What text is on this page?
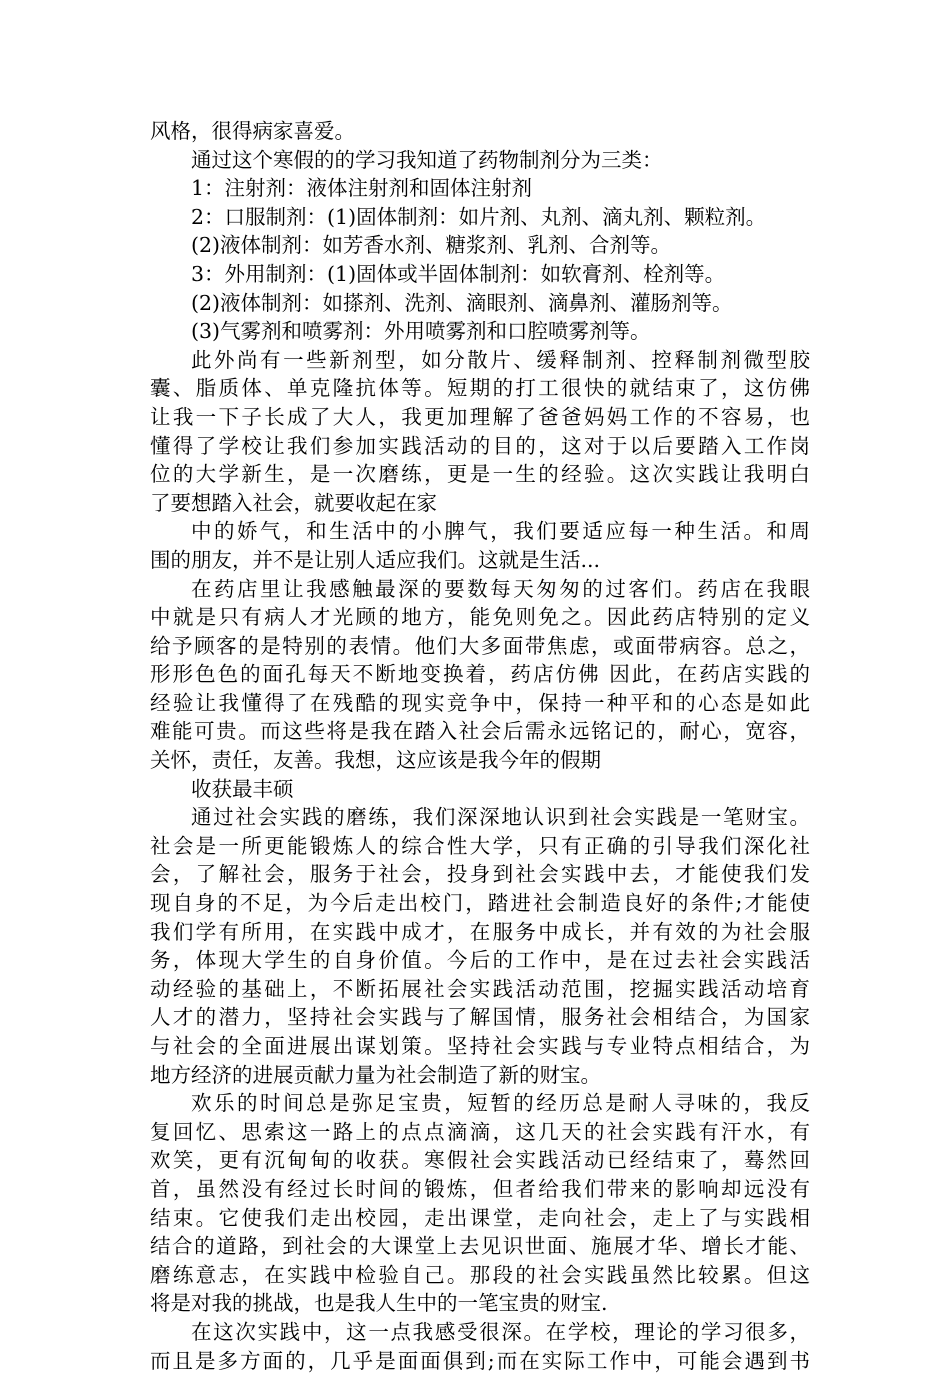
风格，很得病家喜爱。
通过这个寒假的的学习我知道了药物制剂分为三类：
1：注射剂：液体注射剂和固体注射剂
2：口服制剂：(1)固体制剂：如片剂、丸剂、滴丸剂、颗粒剂。
(2)液体制剂：如芳香水剂、糖浆剂、乳剂、合剂等。
3：外用制剂：(1)固体或半固体制剂：如软膏剂、栓剂等。
(2)液体制剂：如搽剂、洗剂、滴眼剂、滴鼻剂、灌肠剂等。
(3)气雾剂和喷雾剂：外用喷雾剂和口腔喷雾剂等。
此外尚有一些新剂型，如分散片、缓释制剂、控释制剂微型胶
囊、脂质体、单克隆抗体等。短期的打工很快的就结束了，这仿佛
让我一下子长成了大人，我更加理解了爸爸妈妈工作的不容易，也
懂得了学校让我们参加实践活动的目的，这对于以后要踏入工作岗
位的大学新生，是一次磨练，更是一生的经验。这次实践让我明白
了要想踏入社会，就要收起在家
中的娇气，和生活中的小脾气，我们要适应每一种生活。和周
围的朋友，并不是让别人适应我们。这就是生活...
在药店里让我感触最深的要数每天匆匆的过客们。药店在我眼
中就是只有病人才光顾的地方，能免则免之。因此药店特别的定义
给予顾客的是特别的表情。他们大多面带焦虑，或面带病容。总之，
形形色色的面孔每天不断地变换着，药店仿佛 因此，在药店实践的
经验让我懂得了在残酷的现实竞争中，保持一种平和的心态是如此
难能可贵。而这些将是我在踏入社会后需永远铭记的，耐心，宽容，
关怀，责任，友善。我想，这应该是我今年的假期
收获最丰硕
通过社会实践的磨练，我们深深地认识到社会实践是一笔财宝。
社会是一所更能锻炼人的综合性大学，只有正确的引导我们深化社
会，了解社会，服务于社会，投身到社会实践中去，才能使我们发
现自身的不足，为今后走出校门，踏进社会制造良好的条件;才能使
我们学有所用，在实践中成才，在服务中成长，并有效的为社会服
务，体现大学生的自身价值。今后的工作中，是在过去社会实践活
动经验的基础上，不断拓展社会实践活动范围，挖掘实践活动培育
人才的潜力，坚持社会实践与了解国情，服务社会相结合，为国家
与社会的全面进展出谋划策。坚持社会实践与专业特点相结合，为
地方经济的进展贡献力量为社会制造了新的财宝。
欢乐的时间总是弥足宝贵，短暂的经历总是耐人寻味的，我反
复回忆、思索这一路上的点点滴滴，这几天的社会实践有汗水，有
欢笑，更有沉甸甸的收获。寒假社会实践活动已经结束了，蓦然回
首，虽然没有经过长时间的锻炼，但者给我们带来的影响却远没有
结束。它使我们走出校园，走出课堂，走向社会，走上了与实践相
结合的道路，到社会的大课堂上去见识世面、施展才华、增长才能、
磨练意志，在实践中检验自己。那段的社会实践虽然比较累。但这
将是对我的挑战，也是我人生中的一笔宝贵的财宝.
在这次实践中，这一点我感受很深。在学校，理论的学习很多，
而且是多方面的，几乎是面面俱到;而在实际工作中，可能会遇到书
